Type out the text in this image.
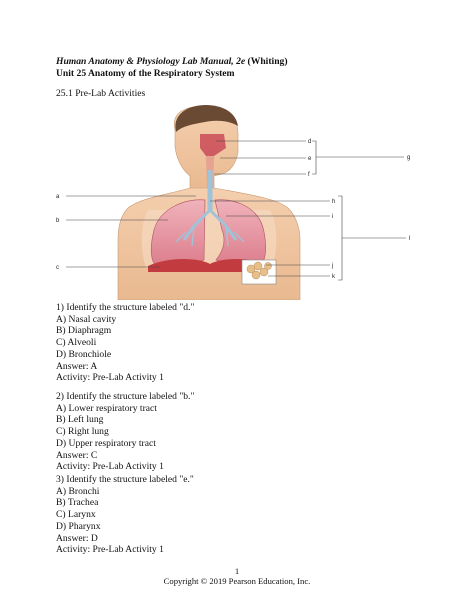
Human Anatomy & Physiology Lab Manual, 2e (Whiting)
Unit 25 Anatomy of the Respiratory System
25.1 Pre-Lab Activities
a
b
c
d
e
f
g
h
i
j
k
l
1) Identify the structure labeled "d."
A) Nasal cavity
B) Diaphragm
C) Alveoli
D) Bronchiole
Answer: A
Activity: Pre-Lab Activity 1
2) Identify the structure labeled "b."
A) Lower respiratory tract
B) Left lung
C) Right lung
D) Upper respiratory tract
Answer: C
Activity: Pre-Lab Activity 1
3) Identify the structure labeled "e."
A) Bronchi
B) Trachea
C) Larynx
D) Pharynx
Answer: D
Activity: Pre-Lab Activity 1
1
Copyright © 2019 Pearson Education, Inc.
